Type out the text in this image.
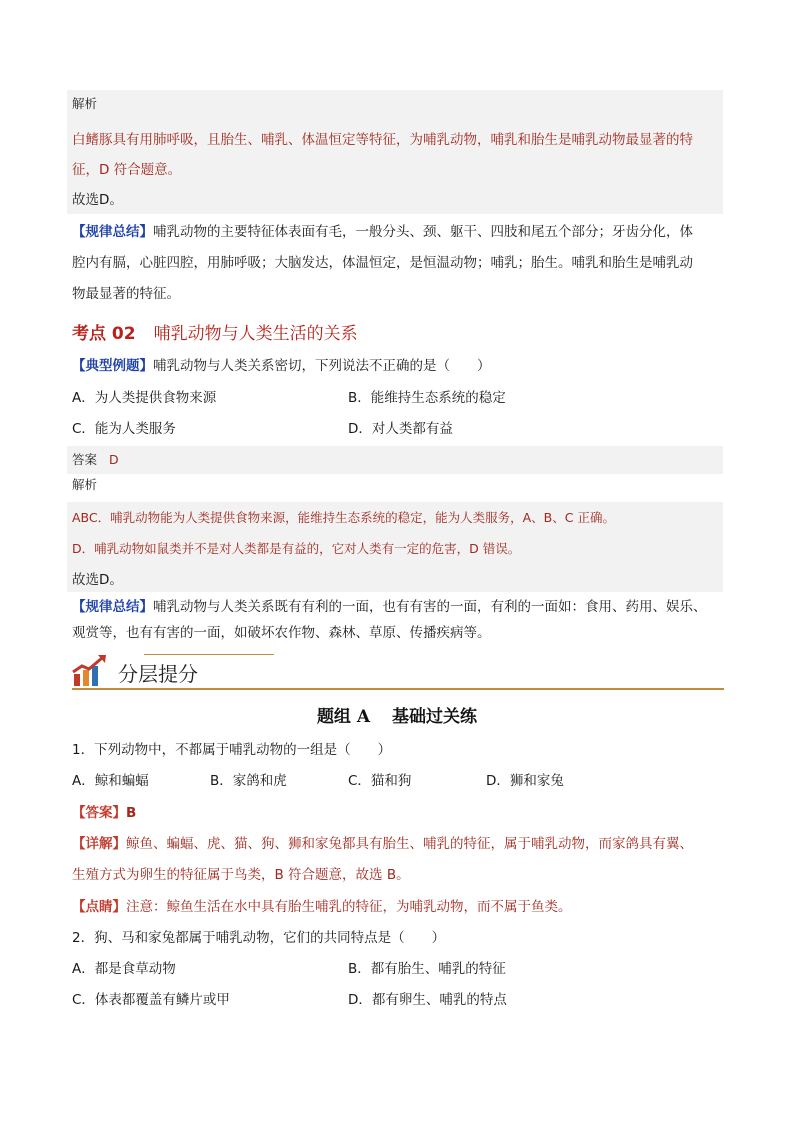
解析
白鳍豚具有用肺呼吸，且胎生、哺乳、体温恒定等特征，为哺乳动物，哺乳和胎生是哺乳动物最显著的特
征，D 符合题意。
故选D。
【规律总结】哺乳动物的主要特征体表面有毛，一般分头、颈、躯干、四肢和尾五个部分；牙齿分化，体
腔内有膈，心脏四腔，用肺呼吸；大脑发达，体温恒定，是恒温动物；哺乳；胎生。哺乳和胎生是哺乳动
物最显著的特征。
考点 02 哺乳动物与人类生活的关系
【典型例题】哺乳动物与人类关系密切，下列说法不正确的是（　　）
A．为人类提供食物来源	B．能维持生态系统的稳定
C．能为人类服务	D．对人类都有益
答案 D
解析
ABC．哺乳动物能为人类提供食物来源，能维持生态系统的稳定，能为人类服务，A、B、C 正确。
D．哺乳动物如鼠类并不是对人类都是有益的，它对人类有一定的危害，D 错误。
故选D。
【规律总结】哺乳动物与人类关系既有有利的一面，也有有害的一面，有利的一面如：食用、药用、娱乐、
观赏等，也有有害的一面，如破坏农作物、森林、草原、传播疾病等。
分层提分
题组 A 基础过关练
1．下列动物中，不都属于哺乳动物的一组是（　　）
A．鲸和蝙蝠	B．家鸽和虎	C．猫和狗	D．狮和家兔
【答案】B
【详解】鲸鱼、蝙蝠、虎、猫、狗、狮和家兔都具有胎生、哺乳的特征，属于哺乳动物，而家鸽具有翼、
生殖方式为卵生的特征属于鸟类，B 符合题意，故选 B。
【点睛】注意：鲸鱼生活在水中具有胎生哺乳的特征，为哺乳动物，而不属于鱼类。
2．狗、马和家兔都属于哺乳动物，它们的共同特点是（　　）
A．都是食草动物	B．都有胎生、哺乳的特征
C．体表都覆盖有鳞片或甲	D．都有卵生、哺乳的特点
